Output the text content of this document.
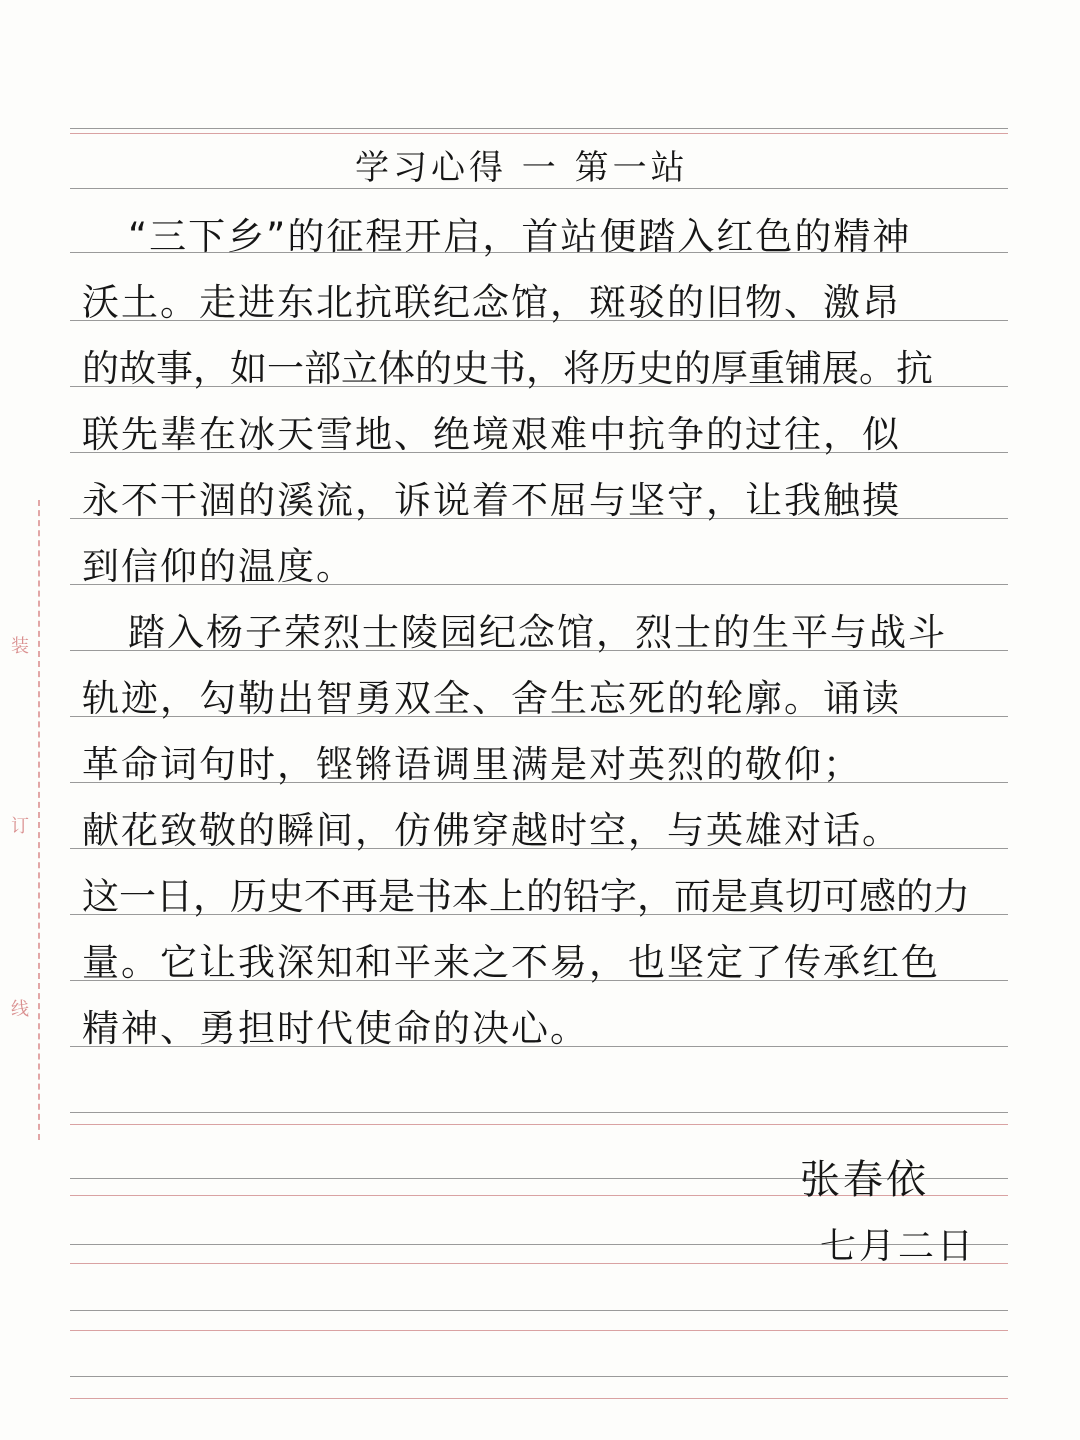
装
订
线
学习心得 一 第一站
“三下乡”的征程开启，首站便踏入红色的精神
沃土。走进东北抗联纪念馆，斑驳的旧物、激昂
的故事，如一部立体的史书，将历史的厚重铺展。抗
联先辈在冰天雪地、绝境艰难中抗争的过往，似
永不干涸的溪流，诉说着不屈与坚守，让我触摸
到信仰的温度。
踏入杨子荣烈士陵园纪念馆，烈士的生平与战斗
轨迹，勾勒出智勇双全、舍生忘死的轮廓。诵读
革命词句时，铿锵语调里满是对英烈的敬仰；
献花致敬的瞬间，仿佛穿越时空，与英雄对话。
这一日，历史不再是书本上的铅字，而是真切可感的力
量。它让我深知和平来之不易，也坚定了传承红色
精神、勇担时代使命的决心。
张春依
七月二日
